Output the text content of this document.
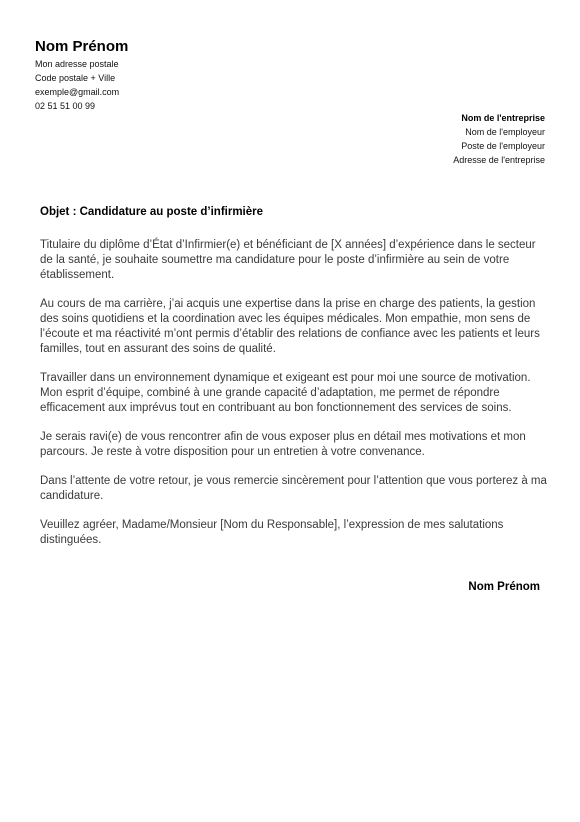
Nom Prénom
Mon adresse postale
Code postale + Ville
exemple@gmail.com
02 51 51 00 99
Nom de l'entreprise
Nom de l'employeur
Poste de l'employeur
Adresse de l'entreprise
Objet : Candidature au poste d’infirmière

Titulaire du diplôme d’État d’Infirmier(e) et bénéficiant de [X années] d’expérience dans le secteur de la santé, je souhaite soumettre ma candidature pour le poste d’infirmière au sein de votre établissement.

Au cours de ma carrière, j’ai acquis une expertise dans la prise en charge des patients, la gestion des soins quotidiens et la coordination avec les équipes médicales. Mon empathie, mon sens de l’écoute et ma réactivité m’ont permis d’établir des relations de confiance avec les patients et leurs familles, tout en assurant des soins de qualité.

Travailler dans un environnement dynamique et exigeant est pour moi une source de motivation. Mon esprit d’équipe, combiné à une grande capacité d’adaptation, me permet de répondre efficacement aux imprévus tout en contribuant au bon fonctionnement des services de soins.

Je serais ravi(e) de vous rencontrer afin de vous exposer plus en détail mes motivations et mon parcours. Je reste à votre disposition pour un entretien à votre convenance.

Dans l’attente de votre retour, je vous remercie sincèrement pour l’attention que vous porterez à ma candidature.

Veuillez agréer, Madame/Monsieur [Nom du Responsable], l’expression de mes salutations distinguées.

Nom Prénom
